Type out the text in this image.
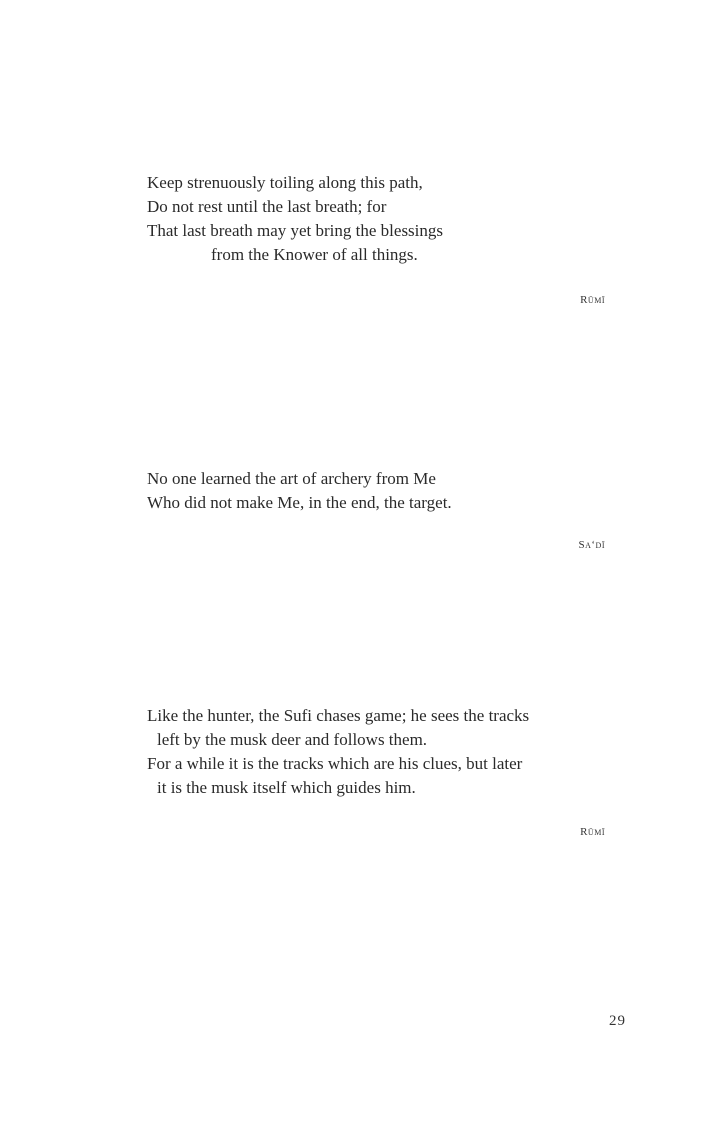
Keep strenuously toiling along this path,

Do not rest until the last breath; for

That last breath may yet bring the blessings

from the Knower of all things.

Rūmī

No one learned the art of archery from Me

Who did not make Me, in the end, the target.

Sa‘dī

Like the hunter, the Sufi chases game; he sees the tracks

left by the musk deer and follows them.

For a while it is the tracks which are his clues, but later

it is the musk itself which guides him.

Rūmī
29
